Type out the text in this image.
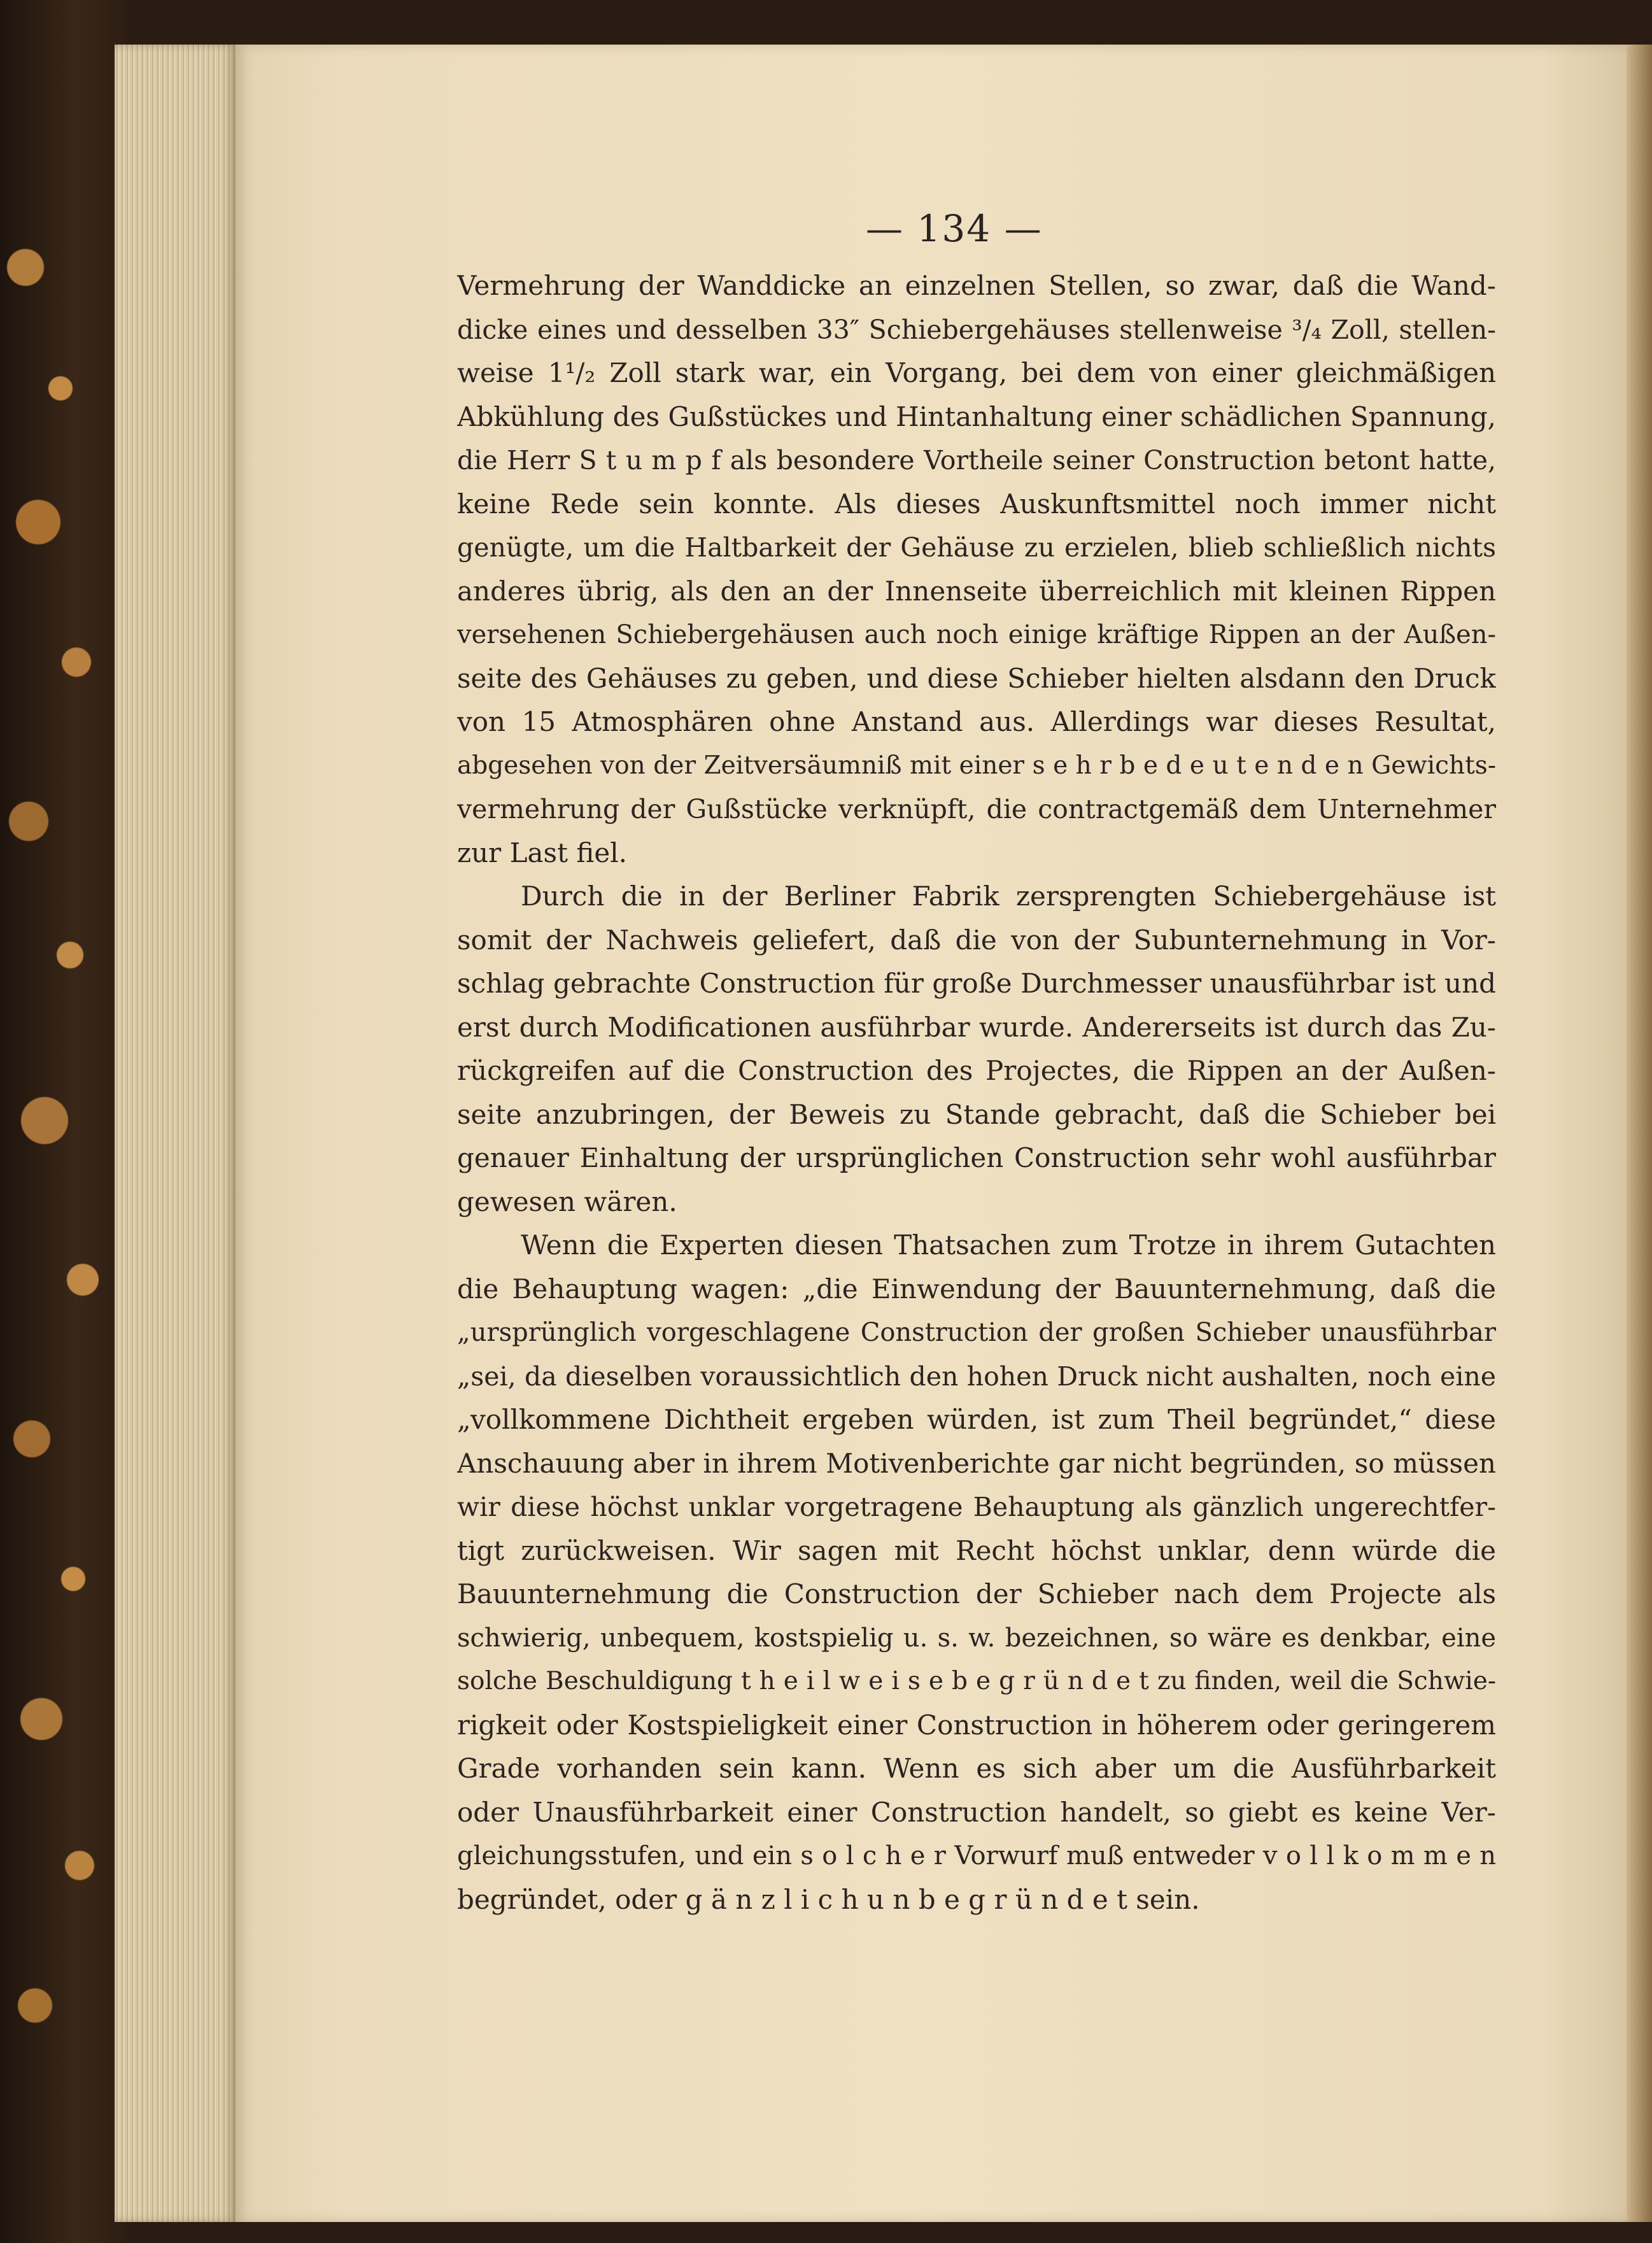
— 134 —
Vermehrung der Wanddicke an einzelnen Stellen, so zwar, daß die Wand-
dicke eines und desselben 33″ Schiebergehäuses stellenweise ³/₄ Zoll, stellen-
weise 1¹/₂ Zoll stark war, ein Vorgang, bei dem von einer gleichmäßigen
Abkühlung des Gußstückes und Hintanhaltung einer schädlichen Spannung,
die Herr S t u m p f als besondere Vortheile seiner Construction betont hatte,
keine Rede sein konnte. Als dieses Auskunftsmittel noch immer nicht
genügte, um die Haltbarkeit der Gehäuse zu erzielen, blieb schließlich nichts
anderes übrig, als den an der Innenseite überreichlich mit kleinen Rippen
versehenen Schiebergehäusen auch noch einige kräftige Rippen an der Außen-
seite des Gehäuses zu geben, und diese Schieber hielten alsdann den Druck
von 15 Atmosphären ohne Anstand aus. Allerdings war dieses Resultat,
abgesehen von der Zeitversäumniß mit einer s e h r b e d e u t e n d e n Gewichts-
vermehrung der Gußstücke verknüpft, die contractgemäß dem Unternehmer
zur Last fiel.
Durch die in der Berliner Fabrik zersprengten Schiebergehäuse ist
somit der Nachweis geliefert, daß die von der Subunternehmung in Vor-
schlag gebrachte Construction für große Durchmesser unausführbar ist und
erst durch Modificationen ausführbar wurde. Andererseits ist durch das Zu-
rückgreifen auf die Construction des Projectes, die Rippen an der Außen-
seite anzubringen, der Beweis zu Stande gebracht, daß die Schieber bei
genauer Einhaltung der ursprünglichen Construction sehr wohl ausführbar
gewesen wären.
Wenn die Experten diesen Thatsachen zum Trotze in ihrem Gutachten
die Behauptung wagen: „die Einwendung der Bauunternehmung, daß die
„ursprünglich vorgeschlagene Construction der großen Schieber unausführbar
„sei, da dieselben voraussichtlich den hohen Druck nicht aushalten, noch eine
„vollkommene Dichtheit ergeben würden, ist zum Theil begründet,“ diese
Anschauung aber in ihrem Motivenberichte gar nicht begründen, so müssen
wir diese höchst unklar vorgetragene Behauptung als gänzlich ungerechtfer-
tigt zurückweisen. Wir sagen mit Recht höchst unklar, denn würde die
Bauunternehmung die Construction der Schieber nach dem Projecte als
schwierig, unbequem, kostspielig u. s. w. bezeichnen, so wäre es denkbar, eine
solche Beschuldigung t h e i l w e i s e b e g r ü n d e t zu finden, weil die Schwie-
rigkeit oder Kostspieligkeit einer Construction in höherem oder geringerem
Grade vorhanden sein kann. Wenn es sich aber um die Ausführbarkeit
oder Unausführbarkeit einer Construction handelt, so giebt es keine Ver-
gleichungsstufen, und ein s o l c h e r Vorwurf muß entweder v o l l k o m m e n
begründet, oder g ä n z l i c h u n b e g r ü n d e t sein.
